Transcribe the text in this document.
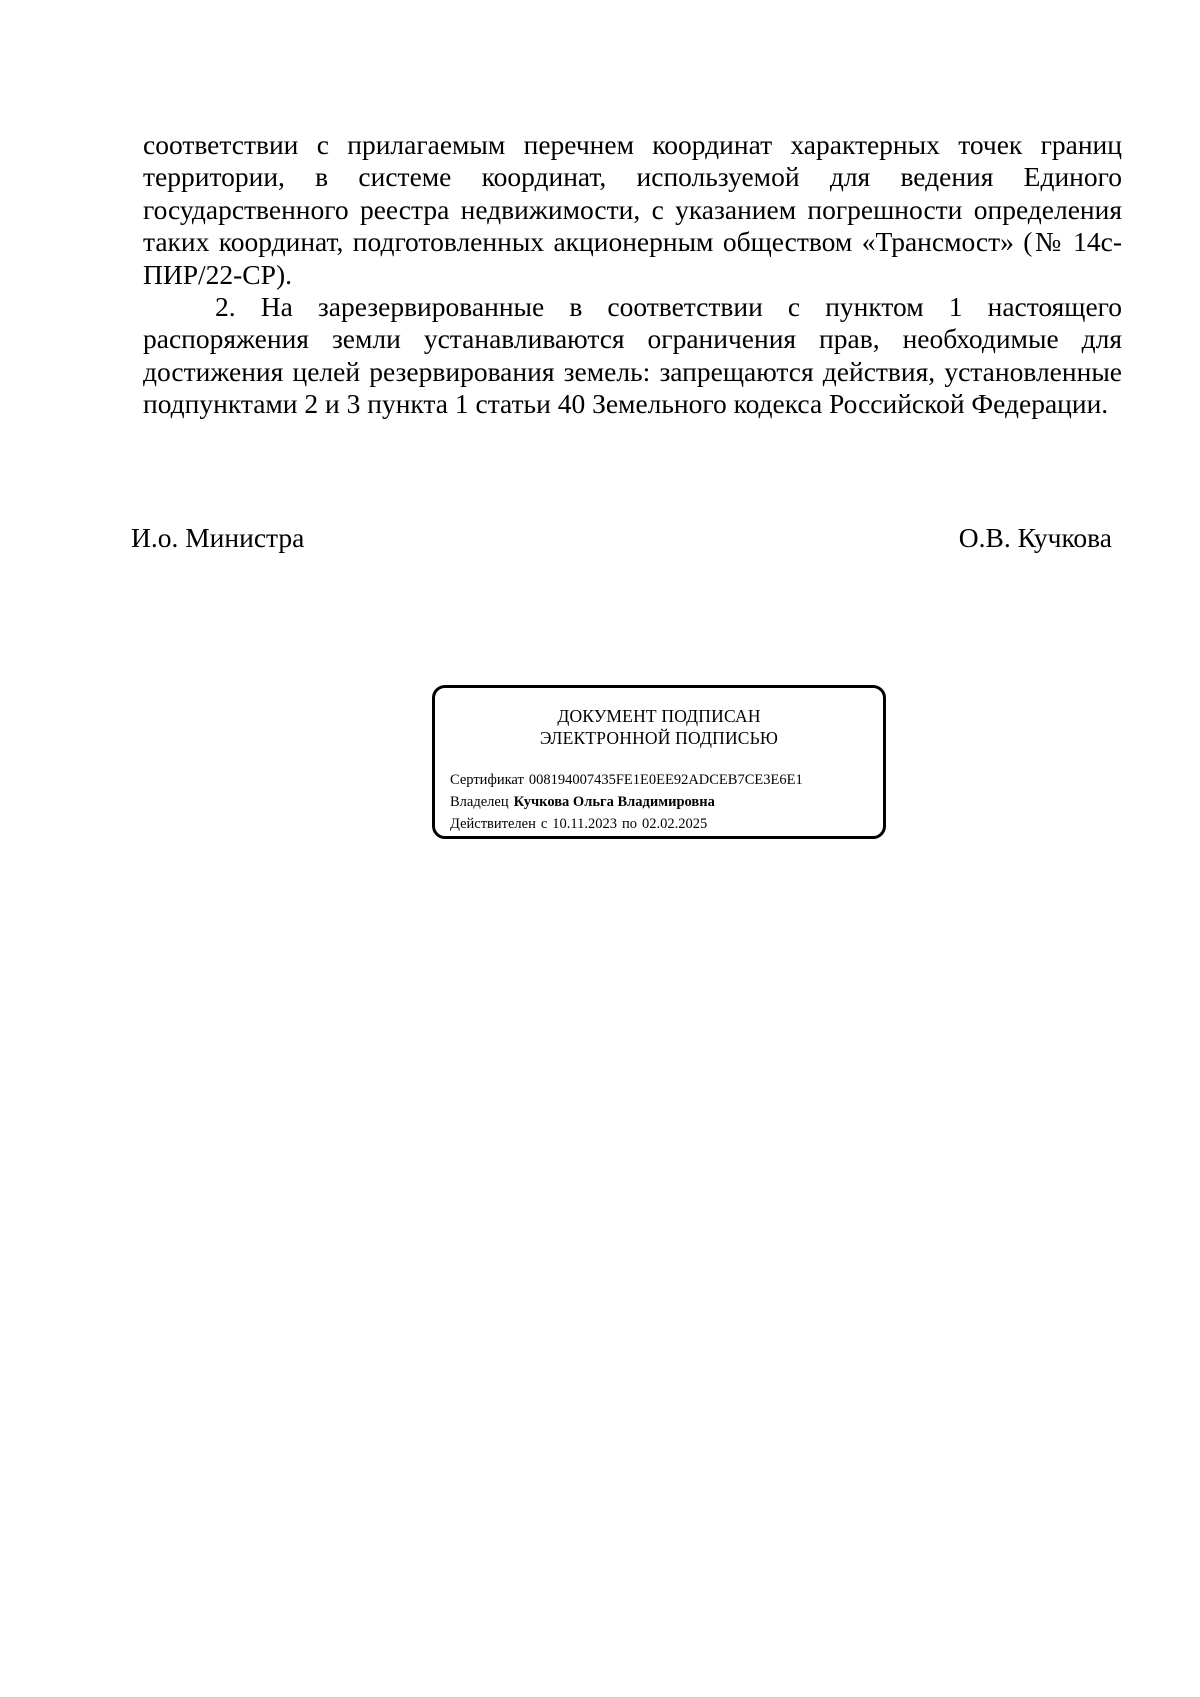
соответствии с прилагаемым перечнем координат характерных точек границ территории, в системе координат, используемой для ведения Единого государственного реестра недвижимости, с указанием погрешности определения таких координат, подготовленных акционерным обществом «Трансмост» (№ 14с-ПИР/22-СР).

2. На зарезервированные в соответствии с пунктом 1 настоящего распоряжения земли устанавливаются ограничения прав, необходимые для достижения целей резервирования земель: запрещаются действия, установленные подпунктами 2 и 3 пункта 1 статьи 40 Земельного кодекса Российской Федерации.

И.о. Министра	О.В. Кучкова
ДОКУМЕНТ ПОДПИСАН
ЭЛЕКТРОННОЙ ПОДПИСЬЮ
Сертификат 008194007435FE1E0EE92ADCEB7CE3E6E1
Владелец Кучкова Ольга Владимировна
Действителен с 10.11.2023 по 02.02.2025
